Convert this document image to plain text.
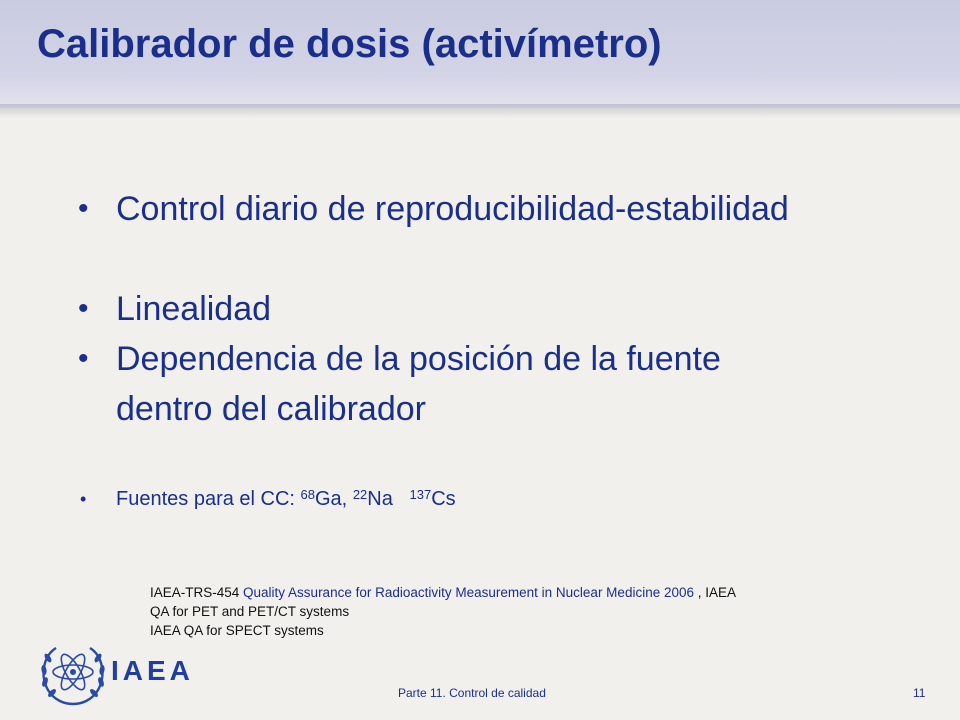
Calibrador de dosis (activímetro)
• Control diario de reproducibilidad-estabilidad
• Linealidad
• Dependencia de la posición de la fuente dentro del calibrador
• Fuentes para el CC: $^{68}$Ga, $^{22}$Na $^{137}$Cs
IAEA-TRS-454 Quality Assurance for Radioactivity Measurement in Nuclear Medicine 2006 , IAEA
QA for PET and PET/CT systems
IAEA QA for SPECT systems
IAEA
Parte 11. Control de calidad	11
